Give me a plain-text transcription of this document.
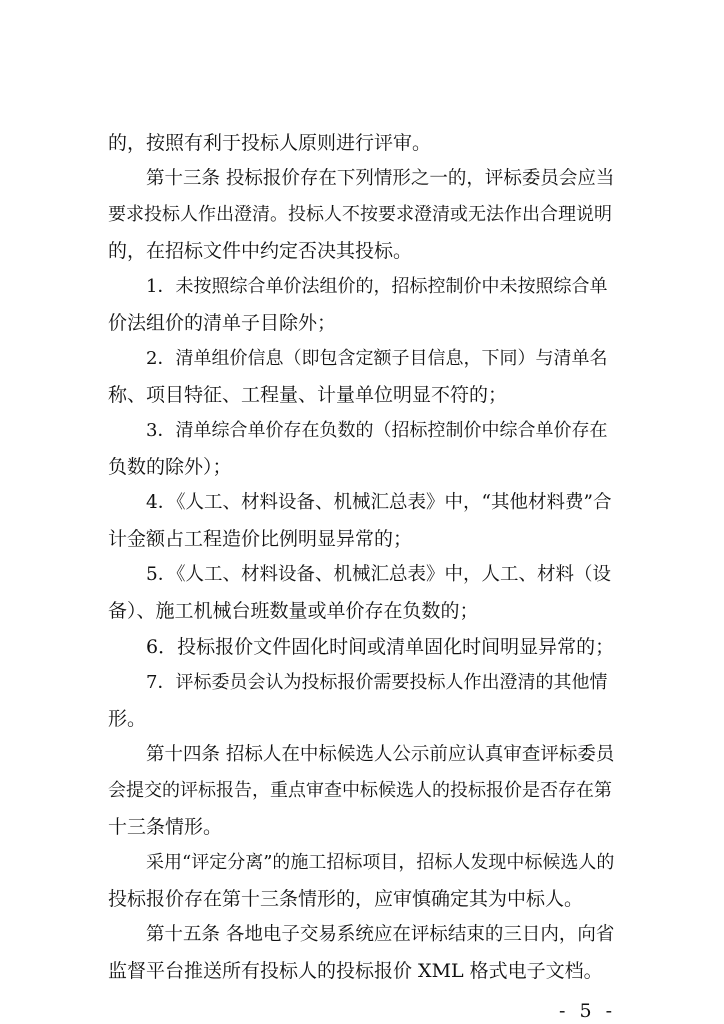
的，按照有利于投标人原则进行评审。
第十三条 投标报价存在下列情形之一的，评标委员会应当
要求投标人作出澄清。投标人不按要求澄清或无法作出合理说明
的，在招标文件中约定否决其投标。
1．未按照综合单价法组价的，招标控制价中未按照综合单
价法组价的清单子目除外；
2．清单组价信息（即包含定额子目信息，下同）与清单名
称、项目特征、工程量、计量单位明显不符的；
3．清单综合单价存在负数的（招标控制价中综合单价存在
负数的除外）；
4．《人工、材料设备、机械汇总表》中，“其他材料费”合
计金额占工程造价比例明显异常的；
5．《人工、材料设备、机械汇总表》中，人工、材料（设
备）、施工机械台班数量或单价存在负数的；
6．投标报价文件固化时间或清单固化时间明显异常的；
7．评标委员会认为投标报价需要投标人作出澄清的其他情
形。
第十四条 招标人在中标候选人公示前应认真审查评标委员
会提交的评标报告，重点审查中标候选人的投标报价是否存在第
十三条情形。
采用“评定分离”的施工招标项目，招标人发现中标候选人的
投标报价存在第十三条情形的，应审慎确定其为中标人。
第十五条 各地电子交易系统应在评标结束的三日内，向省
监督平台推送所有投标人的投标报价 XML 格式电子文档。
- 5 -
